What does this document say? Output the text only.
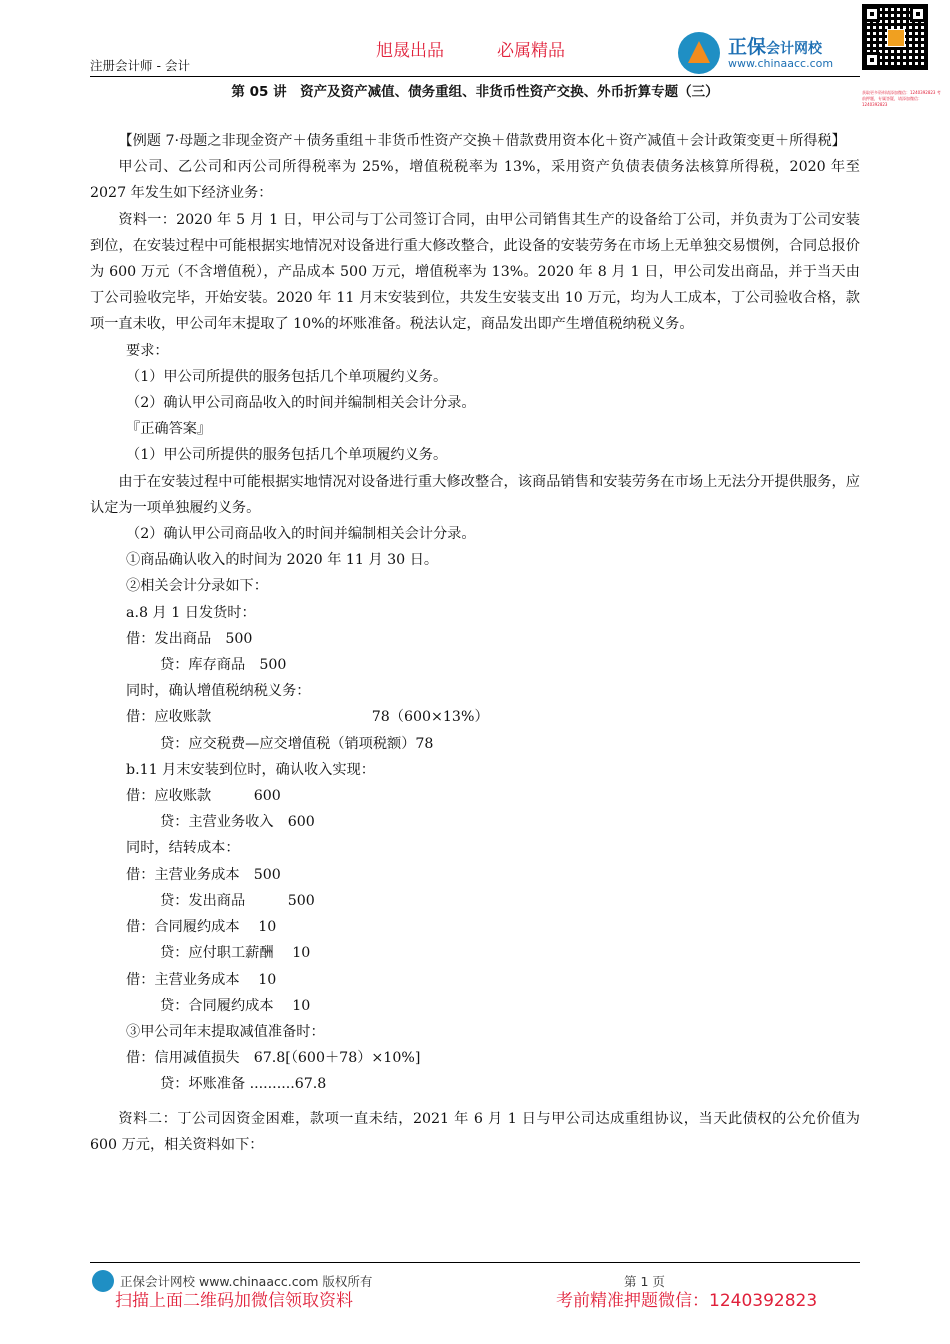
旭晟出品	必属精品	正保会计网校
www.chinaacc.com
获取更多资料请添加微信：1240392823 考前押题，专属答疑，请添加微信：1240392823
注册会计师 - 会计
第 05 讲　资产及资产减值、债务重组、非货币性资产交换、外币折算专题（三）

【例题 7·母题之非现金资产＋债务重组＋非货币性资产交换＋借款费用资本化＋资产减值＋会计政策变更＋所得税】

甲公司、乙公司和丙公司所得税率为 25%，增值税税率为 13%，采用资产负债表债务法核算所得税，2020 年至 2027 年发生如下经济业务：

资料一：2020 年 5 月 1 日，甲公司与丁公司签订合同，由甲公司销售其生产的设备给丁公司，并负责为丁公司安装到位，在安装过程中可能根据实地情况对设备进行重大修改整合，此设备的安装劳务在市场上无单独交易惯例，合同总报价为 600 万元（不含增值税），产品成本 500 万元，增值税率为 13%。2020 年 8 月 1 日，甲公司发出商品，并于当天由丁公司验收完毕，开始安装。2020 年 11 月末安装到位，共发生安装支出 10 万元，均为人工成本，丁公司验收合格，款项一直未收，甲公司年末提取了 10%的坏账准备。税法认定，商品发出即产生增值税纳税义务。

要求：

（1）甲公司所提供的服务包括几个单项履约义务。

（2）确认甲公司商品收入的时间并编制相关会计分录。

『正确答案』

（1）甲公司所提供的服务包括几个单项履约义务。

由于在安装过程中可能根据实地情况对设备进行重大修改整合，该商品销售和安装劳务在市场上无法分开提供服务，应认定为一项单独履约义务。

（2）确认甲公司商品收入的时间并编制相关会计分录。

①商品确认收入的时间为 2020 年 11 月 30 日。

②相关会计分录如下：

a.8 月 1 日发货时：

借：发出商品　500

贷：库存商品　500

同时，确认增值税纳税义务：

借：应收账款　　　　　　　　　　　 78（600×13%）

贷：应交税费—应交增值税（销项税额）78

b.11 月末安装到位时，确认收入实现：

借：应收账款　　　600

贷：主营业务收入　600

同时，结转成本：

借：主营业务成本　500

贷：发出商品　　　500

借：合同履约成本　 10

贷：应付职工薪酬　 10

借：主营业务成本　 10

贷：合同履约成本　 10

③甲公司年末提取减值准备时：

借：信用减值损失　67.8[（600＋78）×10%]

贷：坏账准备 ..........67.8

资料二：丁公司因资金困难，款项一直未结，2021 年 6 月 1 日与甲公司达成重组协议，当天此债权的公允价值为 600 万元，相关资料如下：

正保会计网校 www.chinaacc.com 版权所有	第 1 页
扫描上面二维码加微信领取资料	考前精准押题微信：1240392823
